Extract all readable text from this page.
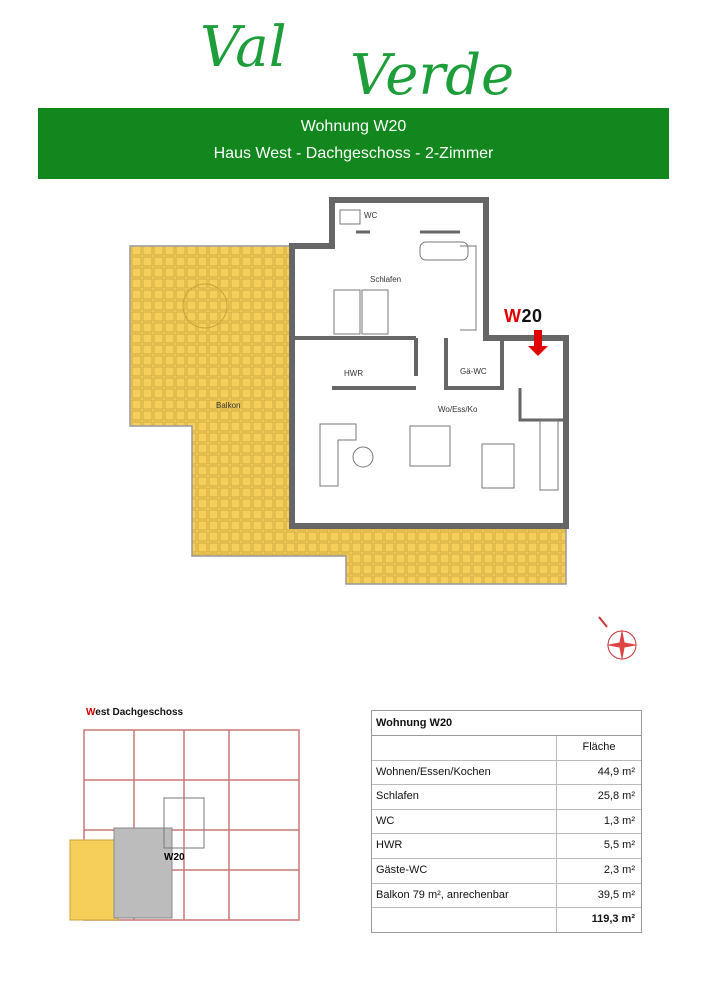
Val Verde
Wohnung W20
Haus West - Dachgeschoss - 2-Zimmer
WC
Schlafen
HWR	Gä-WC
Wo/Ess/Ko
Balkon
W20
West Dachgeschoss
W20
Wohnung W20
Fläche
Wohnen/Essen/Kochen	44,9 m²
Schlafen	25,8 m²
WC	1,3 m²
HWR	5,5 m²
Gäste-WC	2,3 m²
Balkon 79 m², anrechenbar	39,5 m²
119,3 m²
